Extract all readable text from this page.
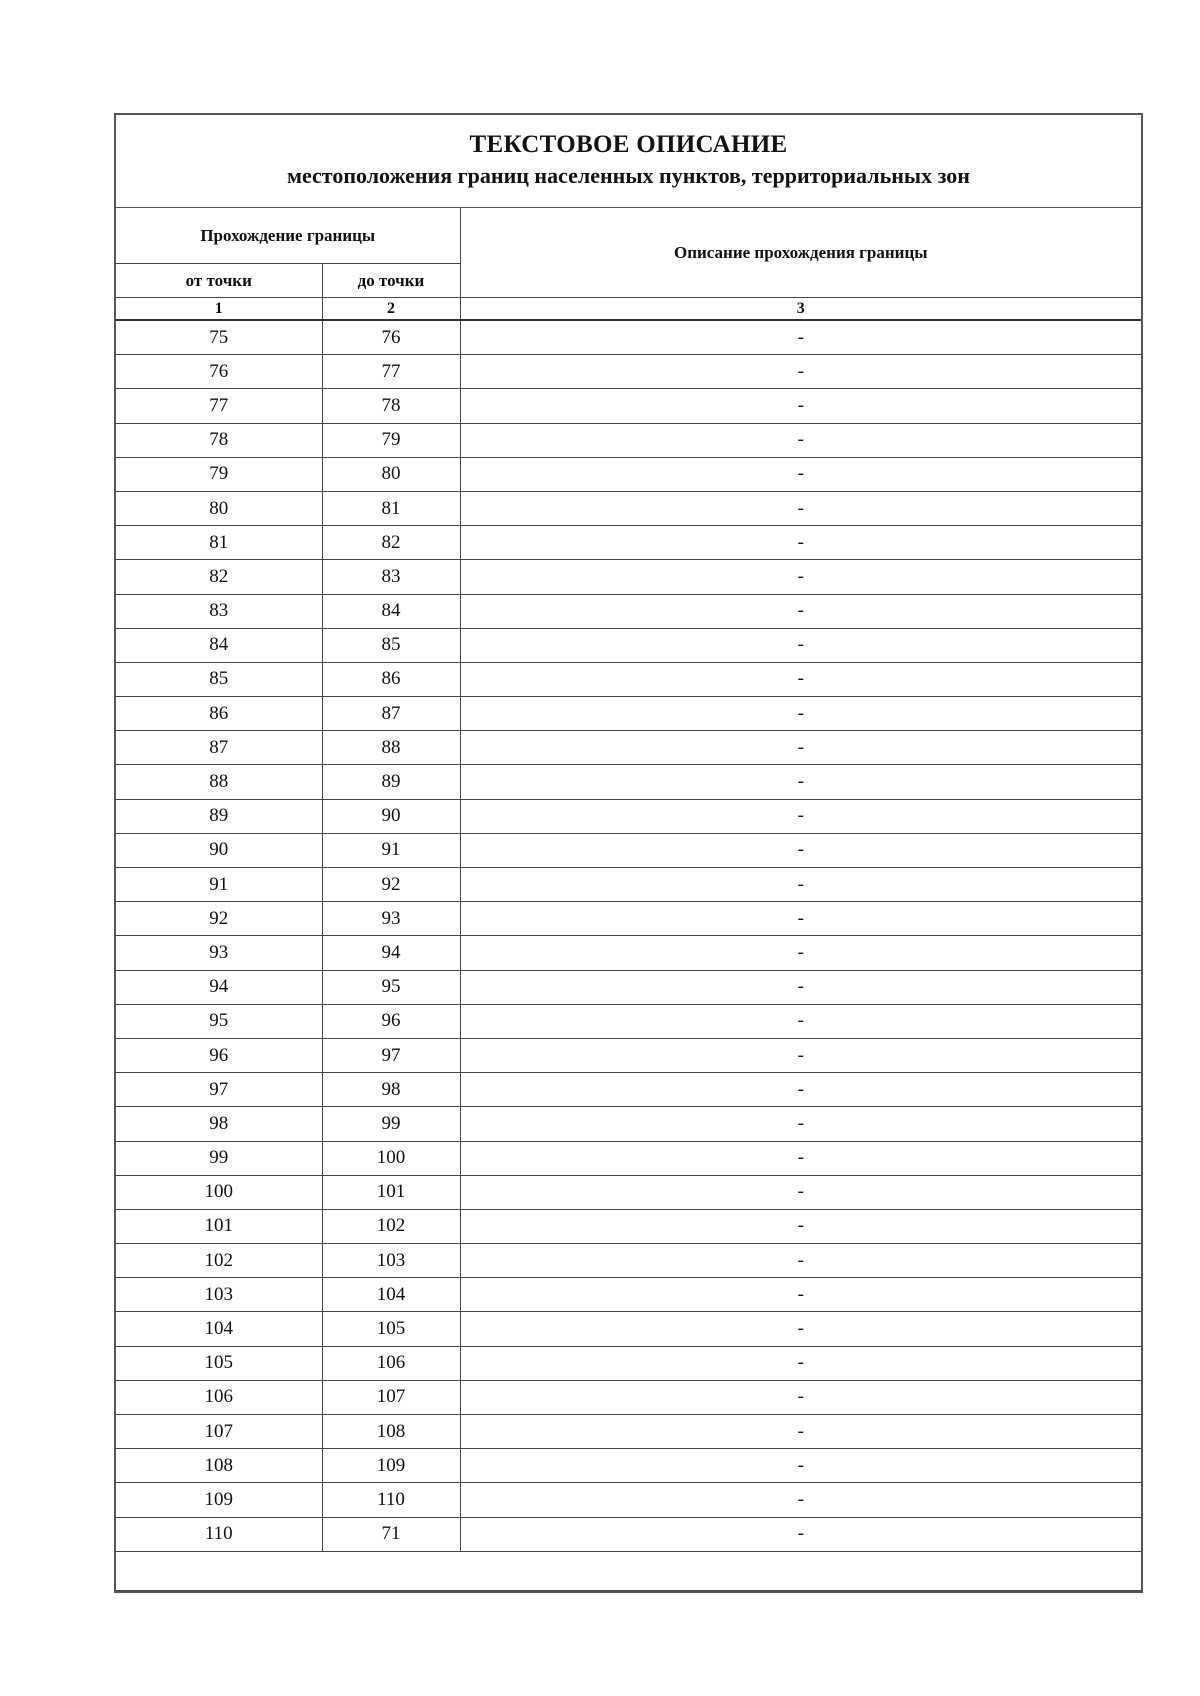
ТЕКСТОВОЕ ОПИСАНИЕ
местоположения границ населенных пунктов, территориальных зон
Прохождение границы		Описание прохождения границы
от точки	до точки	
1	2	3
75	76	-
76	77	-
77	78	-
78	79	-
79	80	-
80	81	-
81	82	-
82	83	-
83	84	-
84	85	-
85	86	-
86	87	-
87	88	-
88	89	-
89	90	-
90	91	-
91	92	-
92	93	-
93	94	-
94	95	-
95	96	-
96	97	-
97	98	-
98	99	-
99	100	-
100	101	-
101	102	-
102	103	-
103	104	-
104	105	-
105	106	-
106	107	-
107	108	-
108	109	-
109	110	-
110	71	-
